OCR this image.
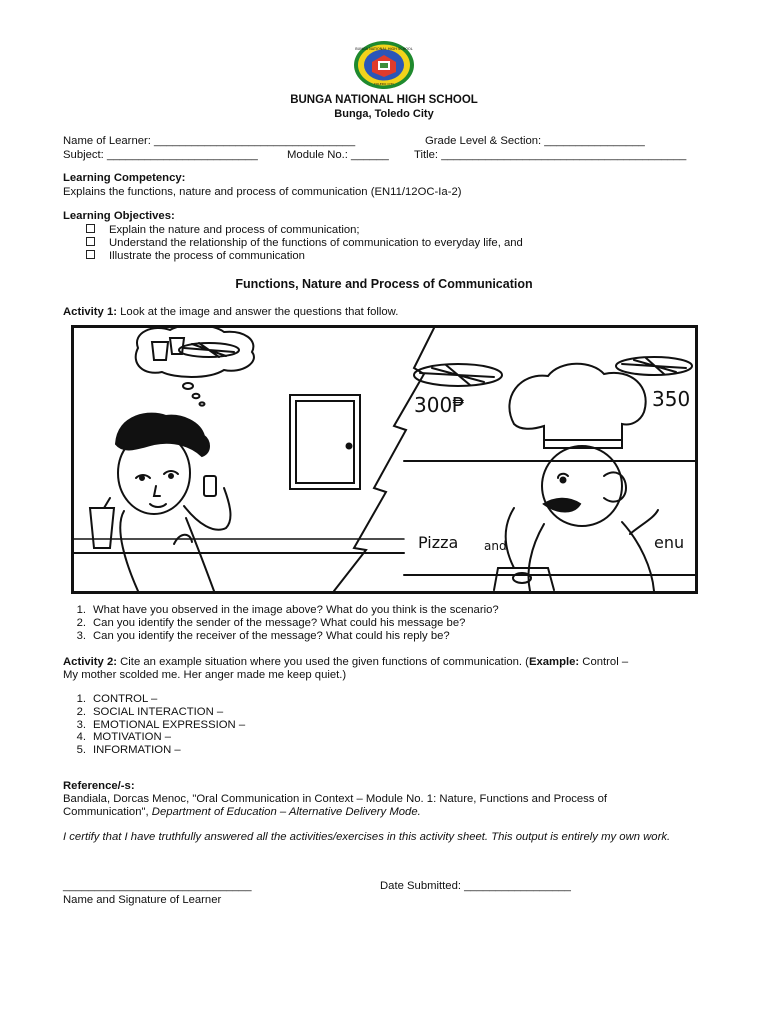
BUNGA NATIONAL HIGH SCHOOL
TOLEDO CITY
BUNGA NATIONAL HIGH SCHOOL
Bunga, Toledo City
Name of Learner: ________________________________	Grade Level & Section: ________________
Subject: ________________________	Module No.: ______ Title: _______________________________________
Learning Competency:
Explains the functions, nature and process of communication (EN11/12OC-Ia-2)
Learning Objectives:
Explain the nature and process of communication;
Understand the relationship of the functions of communication to everyday life, and
Illustrate the process of communication
Functions, Nature and Process of Communication
Activity 1: Look at the image and answer the questions that follow.
300₱	350
Pizza and	enu
1. What have you observed in the image above? What do you think is the scenario?
2. Can you identify the sender of the message? What could his message be?
3. Can you identify the receiver of the message? What could his reply be?
Activity 2: Cite an example situation where you used the given functions of communication. (Example: Control –
My mother scolded me. Her anger made me keep quiet.)
1. CONTROL –
2. SOCIAL INTERACTION –
3. EMOTIONAL EXPRESSION –
4. MOTIVATION –
5. INFORMATION –
Reference/-s:
Bandiala, Dorcas Menoc, "Oral Communication in Context – Module No. 1: Nature, Functions and Process of
Communication", Department of Education – Alternative Delivery Mode.
I certify that I have truthfully answered all the activities/exercises in this activity sheet. This output is entirely my own work.
______________________________	Date Submitted: _________________
Name and Signature of Learner
